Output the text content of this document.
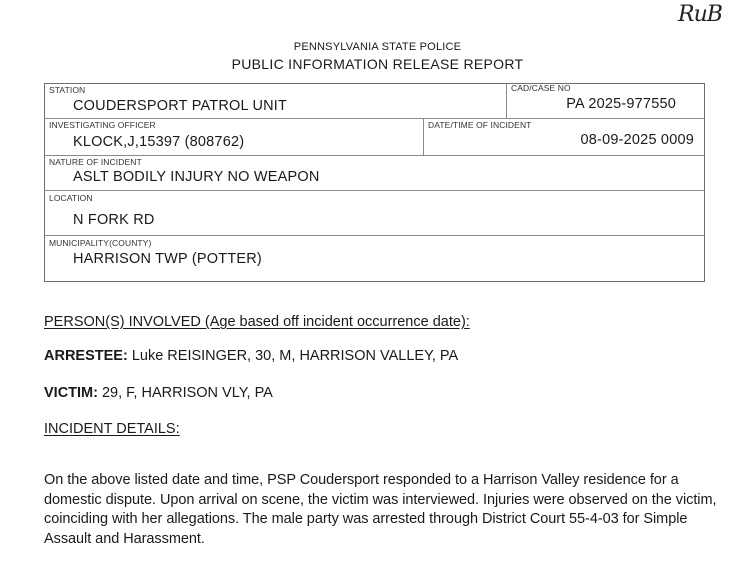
RuB
PENNSYLVANIA STATE POLICE
PUBLIC INFORMATION RELEASE REPORT
STATION
COUDERSPORT PATROL UNIT
CAD/CASE NO
PA 2025-977550
INVESTIGATING OFFICER
KLOCK,J,15397 (808762)
DATE/TIME OF INCIDENT
08-09-2025 0009
NATURE OF INCIDENT
ASLT BODILY INJURY NO WEAPON
LOCATION
N FORK RD
MUNICIPALITY(COUNTY)
HARRISON TWP (POTTER)
PERSON(S) INVOLVED (Age based off incident occurrence date):
ARRESTEE: Luke REISINGER, 30, M, HARRISON VALLEY, PA
VICTIM: 29, F, HARRISON VLY, PA
INCIDENT DETAILS:
On the above listed date and time, PSP Coudersport responded to a Harrison Valley residence for a domestic dispute. Upon arrival on scene, the victim was interviewed. Injuries were observed on the victim, coinciding with her allegations. The male party was arrested through District Court 55-4-03 for Simple Assault and Harassment.
